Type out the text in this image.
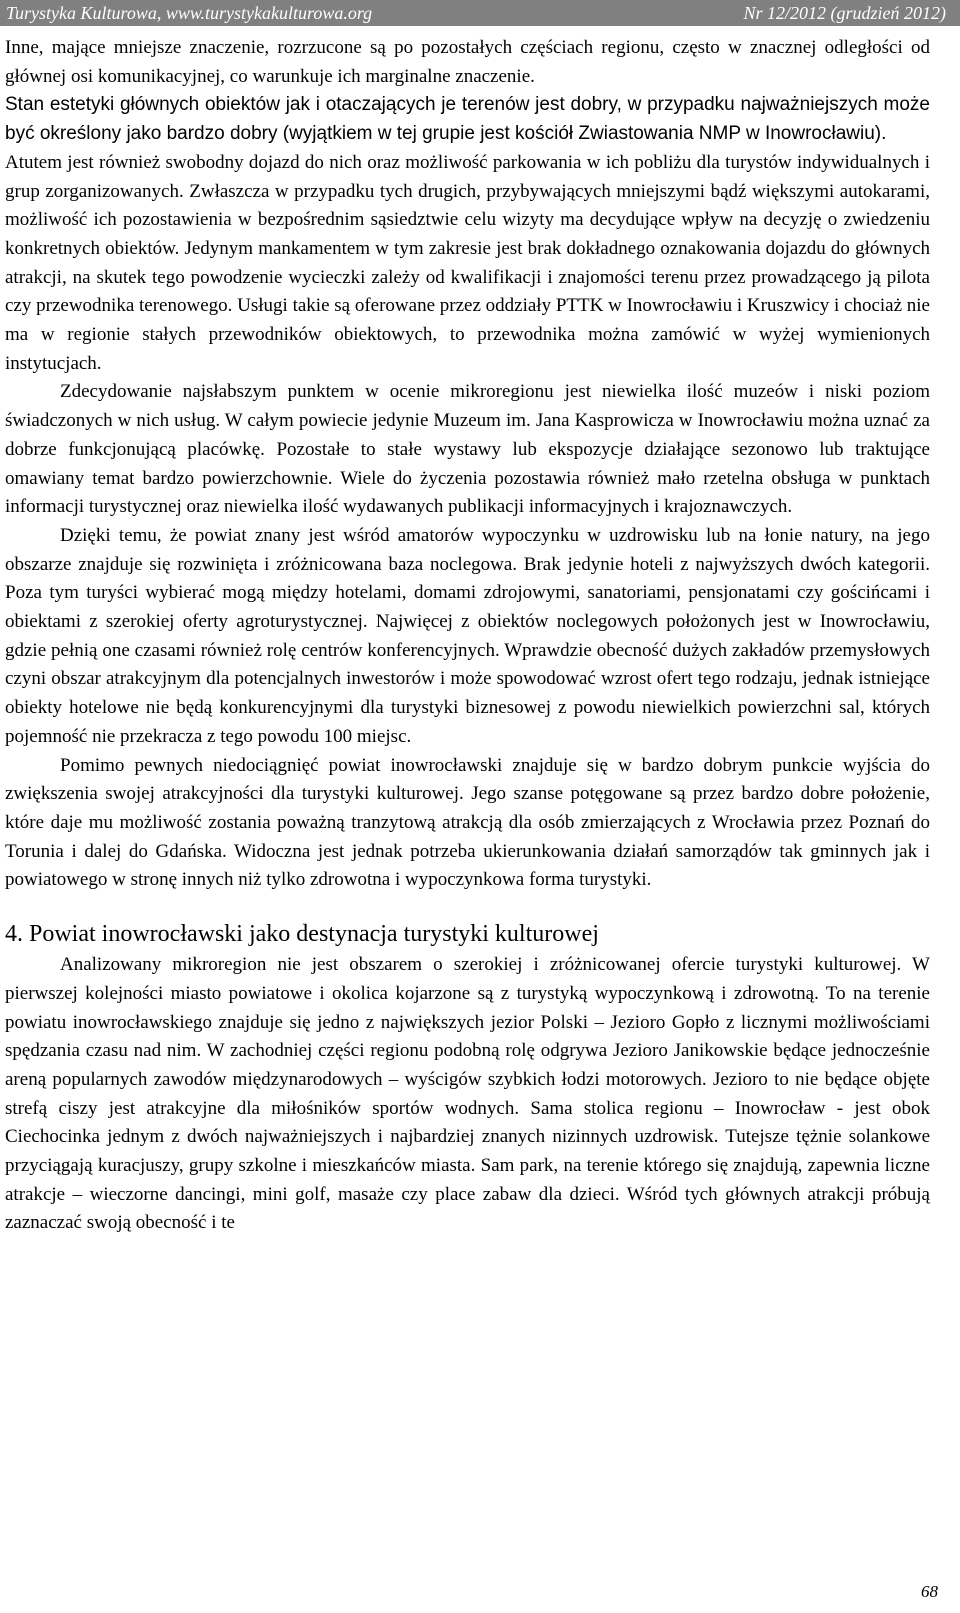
Turystyka Kulturowa, www.turystykakulturowa.org	Nr 12/2012 (grudzień 2012)

Inne, mające mniejsze znaczenie, rozrzucone są po pozostałych częściach regionu, często w znacznej odległości od głównej osi komunikacyjnej, co warunkuje ich marginalne znaczenie.

Stan estetyki głównych obiektów jak i otaczających je terenów jest dobry, w przypadku najważniejszych może być określony jako bardzo dobry (wyjątkiem w tej grupie jest kościół Zwiastowania NMP w Inowrocławiu).

Atutem jest również swobodny dojazd do nich oraz możliwość parkowania w ich pobliżu dla turystów indywidualnych i grup zorganizowanych. Zwłaszcza w przypadku tych drugich, przybywających mniejszymi bądź większymi autokarami, możliwość ich pozostawienia w bezpośrednim sąsiedztwie celu wizyty ma decydujące wpływ na decyzję o zwiedzeniu konkretnych obiektów. Jedynym mankamentem w tym zakresie jest brak dokładnego oznakowania dojazdu do głównych atrakcji, na skutek tego powodzenie wycieczki zależy od kwalifikacji i znajomości terenu przez prowadzącego ją pilota czy przewodnika terenowego. Usługi takie są oferowane przez oddziały PTTK w Inowrocławiu i Kruszwicy i chociaż nie ma w regionie stałych przewodników obiektowych, to przewodnika można zamówić w wyżej wymienionych instytucjach.

Zdecydowanie najsłabszym punktem w ocenie mikroregionu jest niewielka ilość muzeów i niski poziom świadczonych w nich usług. W całym powiecie jedynie Muzeum im. Jana Kasprowicza w Inowrocławiu można uznać za dobrze funkcjonującą placówkę. Pozostałe to stałe wystawy lub ekspozycje działające sezonowo lub traktujące omawiany temat bardzo powierzchownie. Wiele do życzenia pozostawia również mało rzetelna obsługa w punktach informacji turystycznej oraz niewielka ilość wydawanych publikacji informacyjnych i krajoznawczych.

Dzięki temu, że powiat znany jest wśród amatorów wypoczynku w uzdrowisku lub na łonie natury, na jego obszarze znajduje się rozwinięta i zróżnicowana baza noclegowa. Brak jedynie hoteli z najwyższych dwóch kategorii. Poza tym turyści wybierać mogą między hotelami, domami zdrojowymi, sanatoriami, pensjonatami czy gościńcami i obiektami z szerokiej oferty agroturystycznej. Najwięcej z obiektów noclegowych położonych jest w Inowrocławiu, gdzie pełnią one czasami również rolę centrów konferencyjnych. Wprawdzie obecność dużych zakładów przemysłowych czyni obszar atrakcyjnym dla potencjalnych inwestorów i może spowodować wzrost ofert tego rodzaju, jednak istniejące obiekty hotelowe nie będą konkurencyjnymi dla turystyki biznesowej z powodu niewielkich powierzchni sal, których pojemność nie przekracza z tego powodu 100 miejsc.

Pomimo pewnych niedociągnięć powiat inowrocławski znajduje się w bardzo dobrym punkcie wyjścia do zwiększenia swojej atrakcyjności dla turystyki kulturowej. Jego szanse potęgowane są przez bardzo dobre położenie, które daje mu możliwość zostania poważną tranzytową atrakcją dla osób zmierzających z Wrocławia przez Poznań do Torunia i dalej do Gdańska. Widoczna jest jednak potrzeba ukierunkowania działań samorządów tak gminnych jak i powiatowego w stronę innych niż tylko zdrowotna i wypoczynkowa forma turystyki.

4. Powiat inowrocławski jako destynacja turystyki kulturowej

Analizowany mikroregion nie jest obszarem o szerokiej i zróżnicowanej ofercie turystyki kulturowej. W pierwszej kolejności miasto powiatowe i okolica kojarzone są z turystyką wypoczynkową i zdrowotną. To na terenie powiatu inowrocławskiego znajduje się jedno z największych jezior Polski – Jezioro Gopło z licznymi możliwościami spędzania czasu nad nim. W zachodniej części regionu podobną rolę odgrywa Jezioro Janikowskie będące jednocześnie areną popularnych zawodów międzynarodowych – wyścigów szybkich łodzi motorowych. Jezioro to nie będące objęte strefą ciszy jest atrakcyjne dla miłośników sportów wodnych. Sama stolica regionu – Inowrocław - jest obok Ciechocinka jednym z dwóch najważniejszych i najbardziej znanych nizinnych uzdrowisk. Tutejsze tężnie solankowe przyciągają kuracjuszy, grupy szkolne i mieszkańców miasta. Sam park, na terenie którego się znajdują, zapewnia liczne atrakcje – wieczorne dancingi, mini golf, masaże czy place zabaw dla dzieci. Wśród tych głównych atrakcji próbują zaznaczać swoją obecność i te

68
